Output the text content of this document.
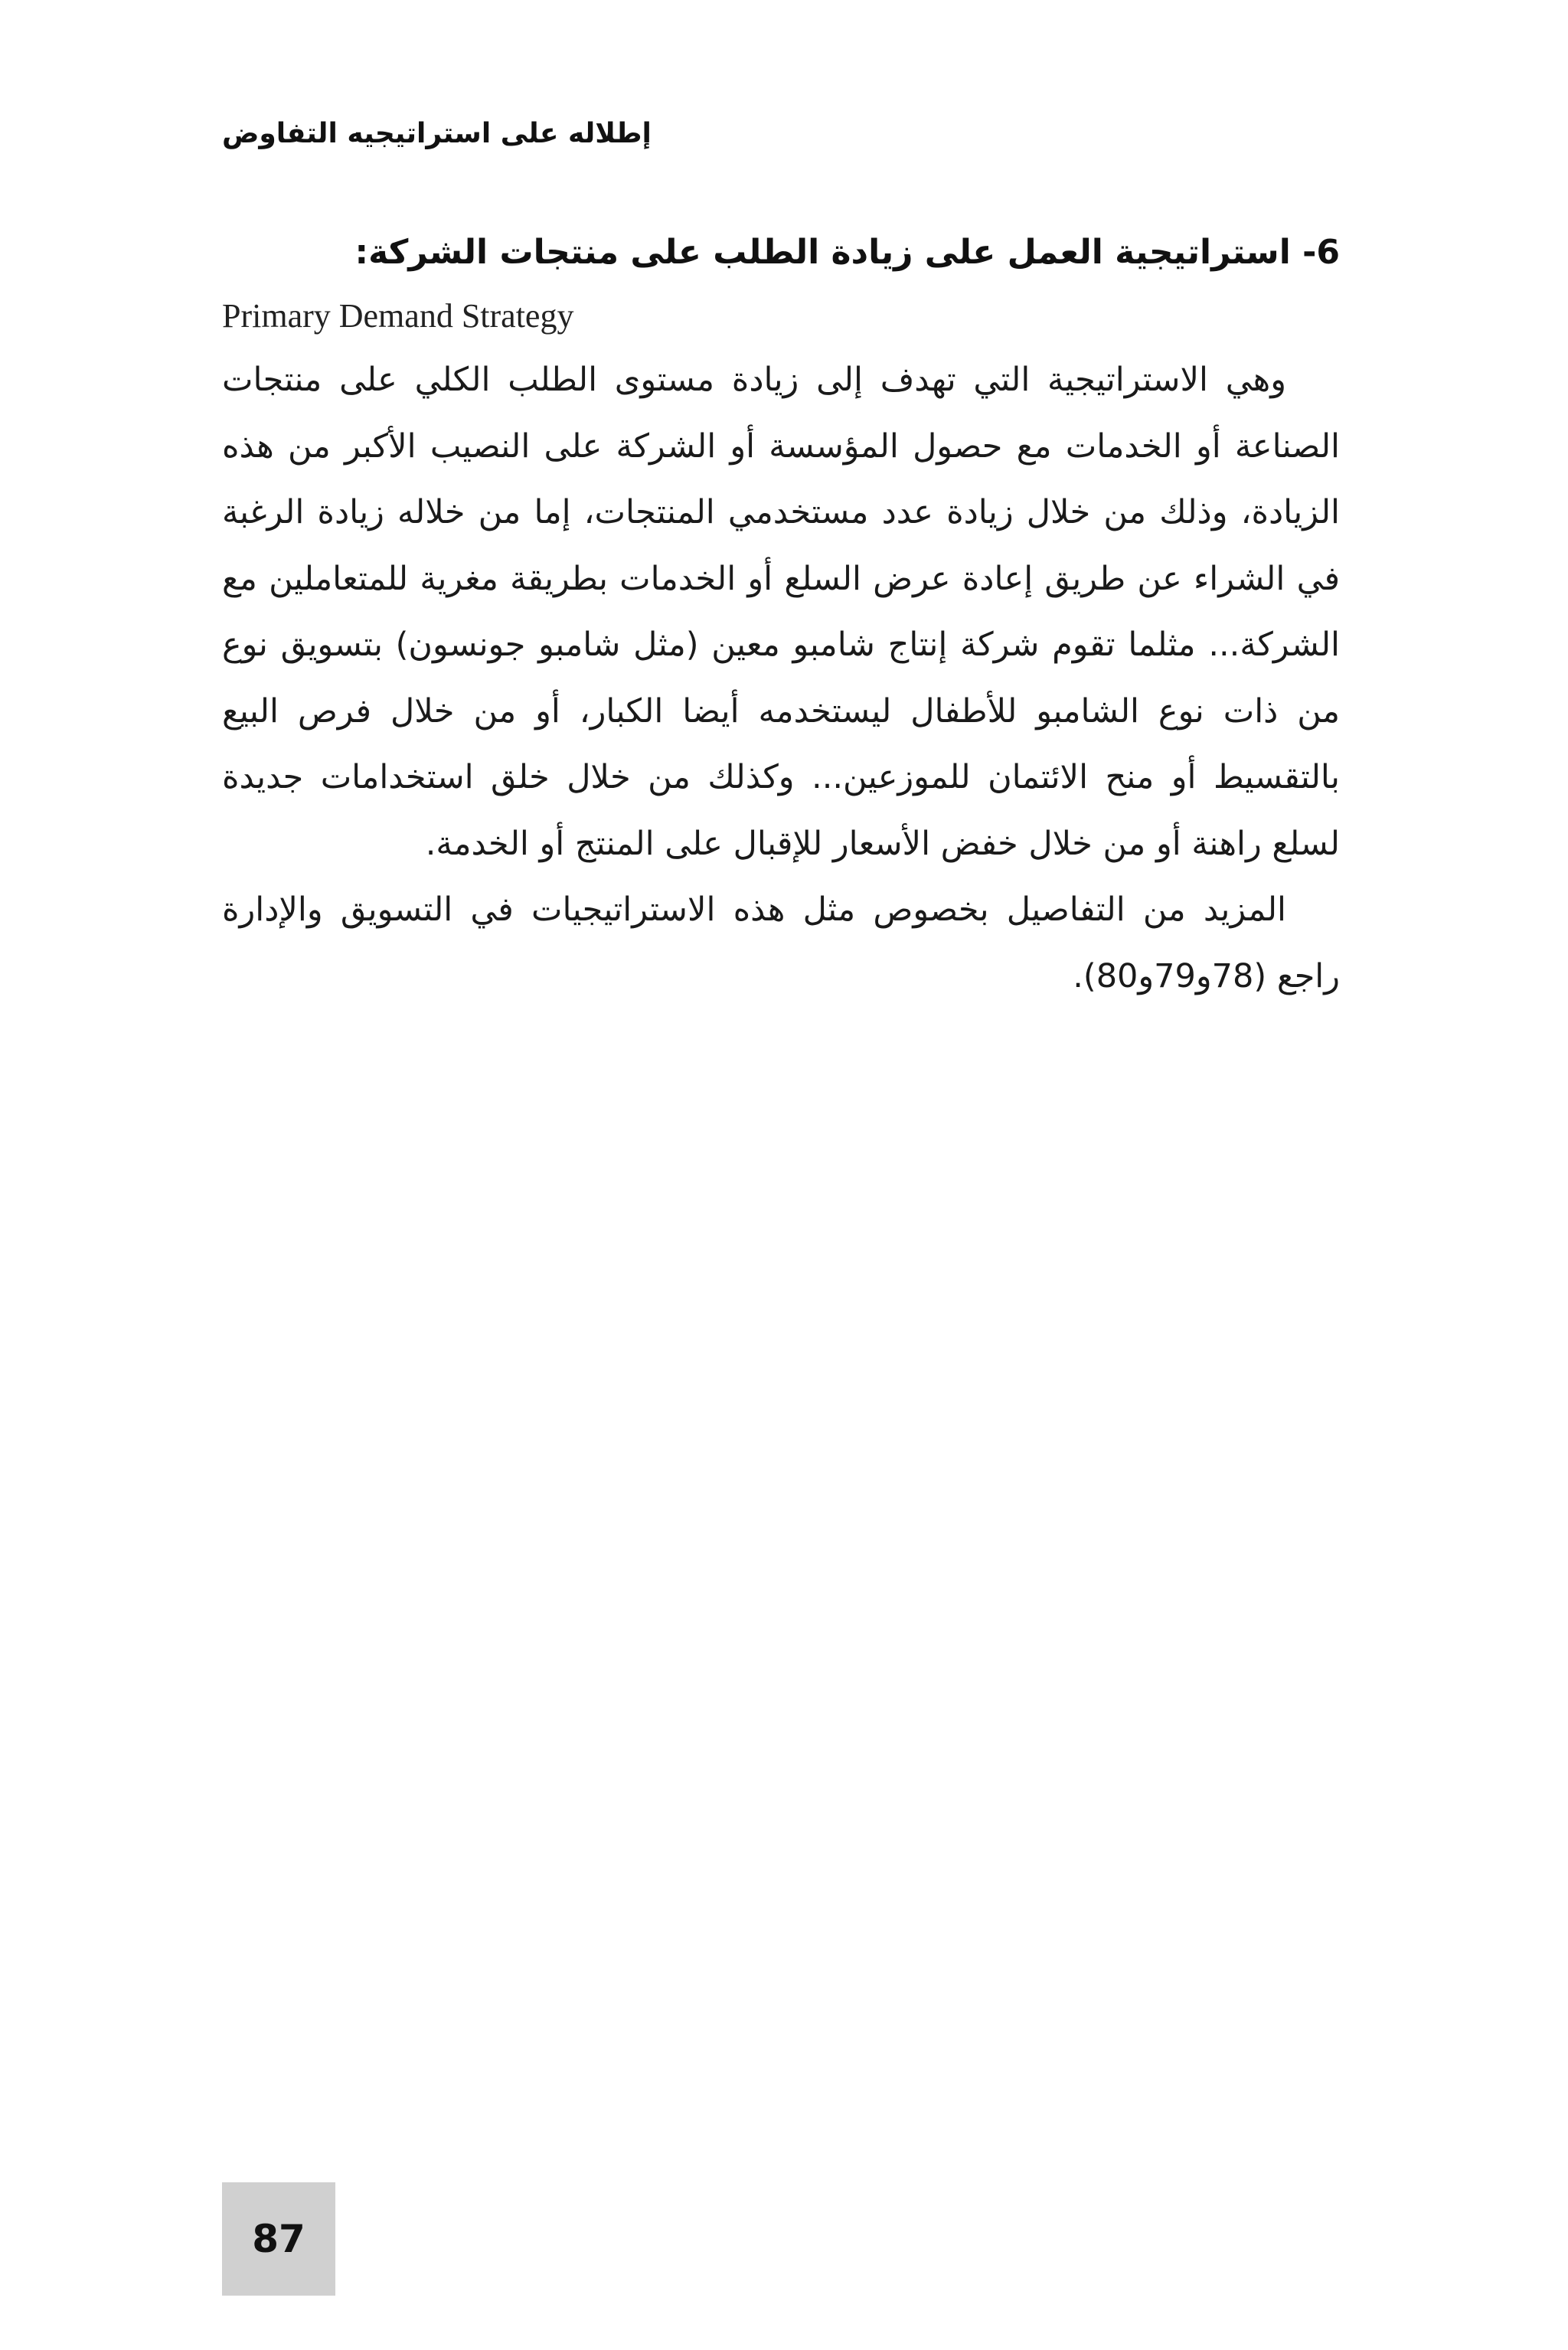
إطلاله على استراتيجيه التفاوض
6- استراتيجية العمل على زيادة الطلب على منتجات الشركة:
Primary Demand Strategy

وهي الاستراتيجية التي تهدف إلى زيادة مستوى الطلب الكلي على منتجات الصناعة أو الخدمات مع حصول المؤسسة أو الشركة على النصيب الأكبر من هذه الزيادة، وذلك من خلال زيادة عدد مستخدمي المنتجات، إما من خلاله زيادة الرغبة في الشراء عن طريق إعادة عرض السلع أو الخدمات بطريقة مغرية للمتعاملين مع الشركة... مثلما تقوم شركة إنتاج شامبو معين (مثل شامبو جونسون) بتسويق نوع من ذات نوع الشامبو للأطفال ليستخدمه أيضا الكبار، أو من خلال فرص البيع بالتقسيط أو منح الائتمان للموزعين... وكذلك من خلال خلق استخدامات جديدة لسلع راهنة أو من خلال خفض الأسعار للإقبال على المنتج أو الخدمة.

المزيد من التفاصيل بخصوص مثل هذه الاستراتيجيات في التسويق والإدارة راجع (78و79و80).

87
